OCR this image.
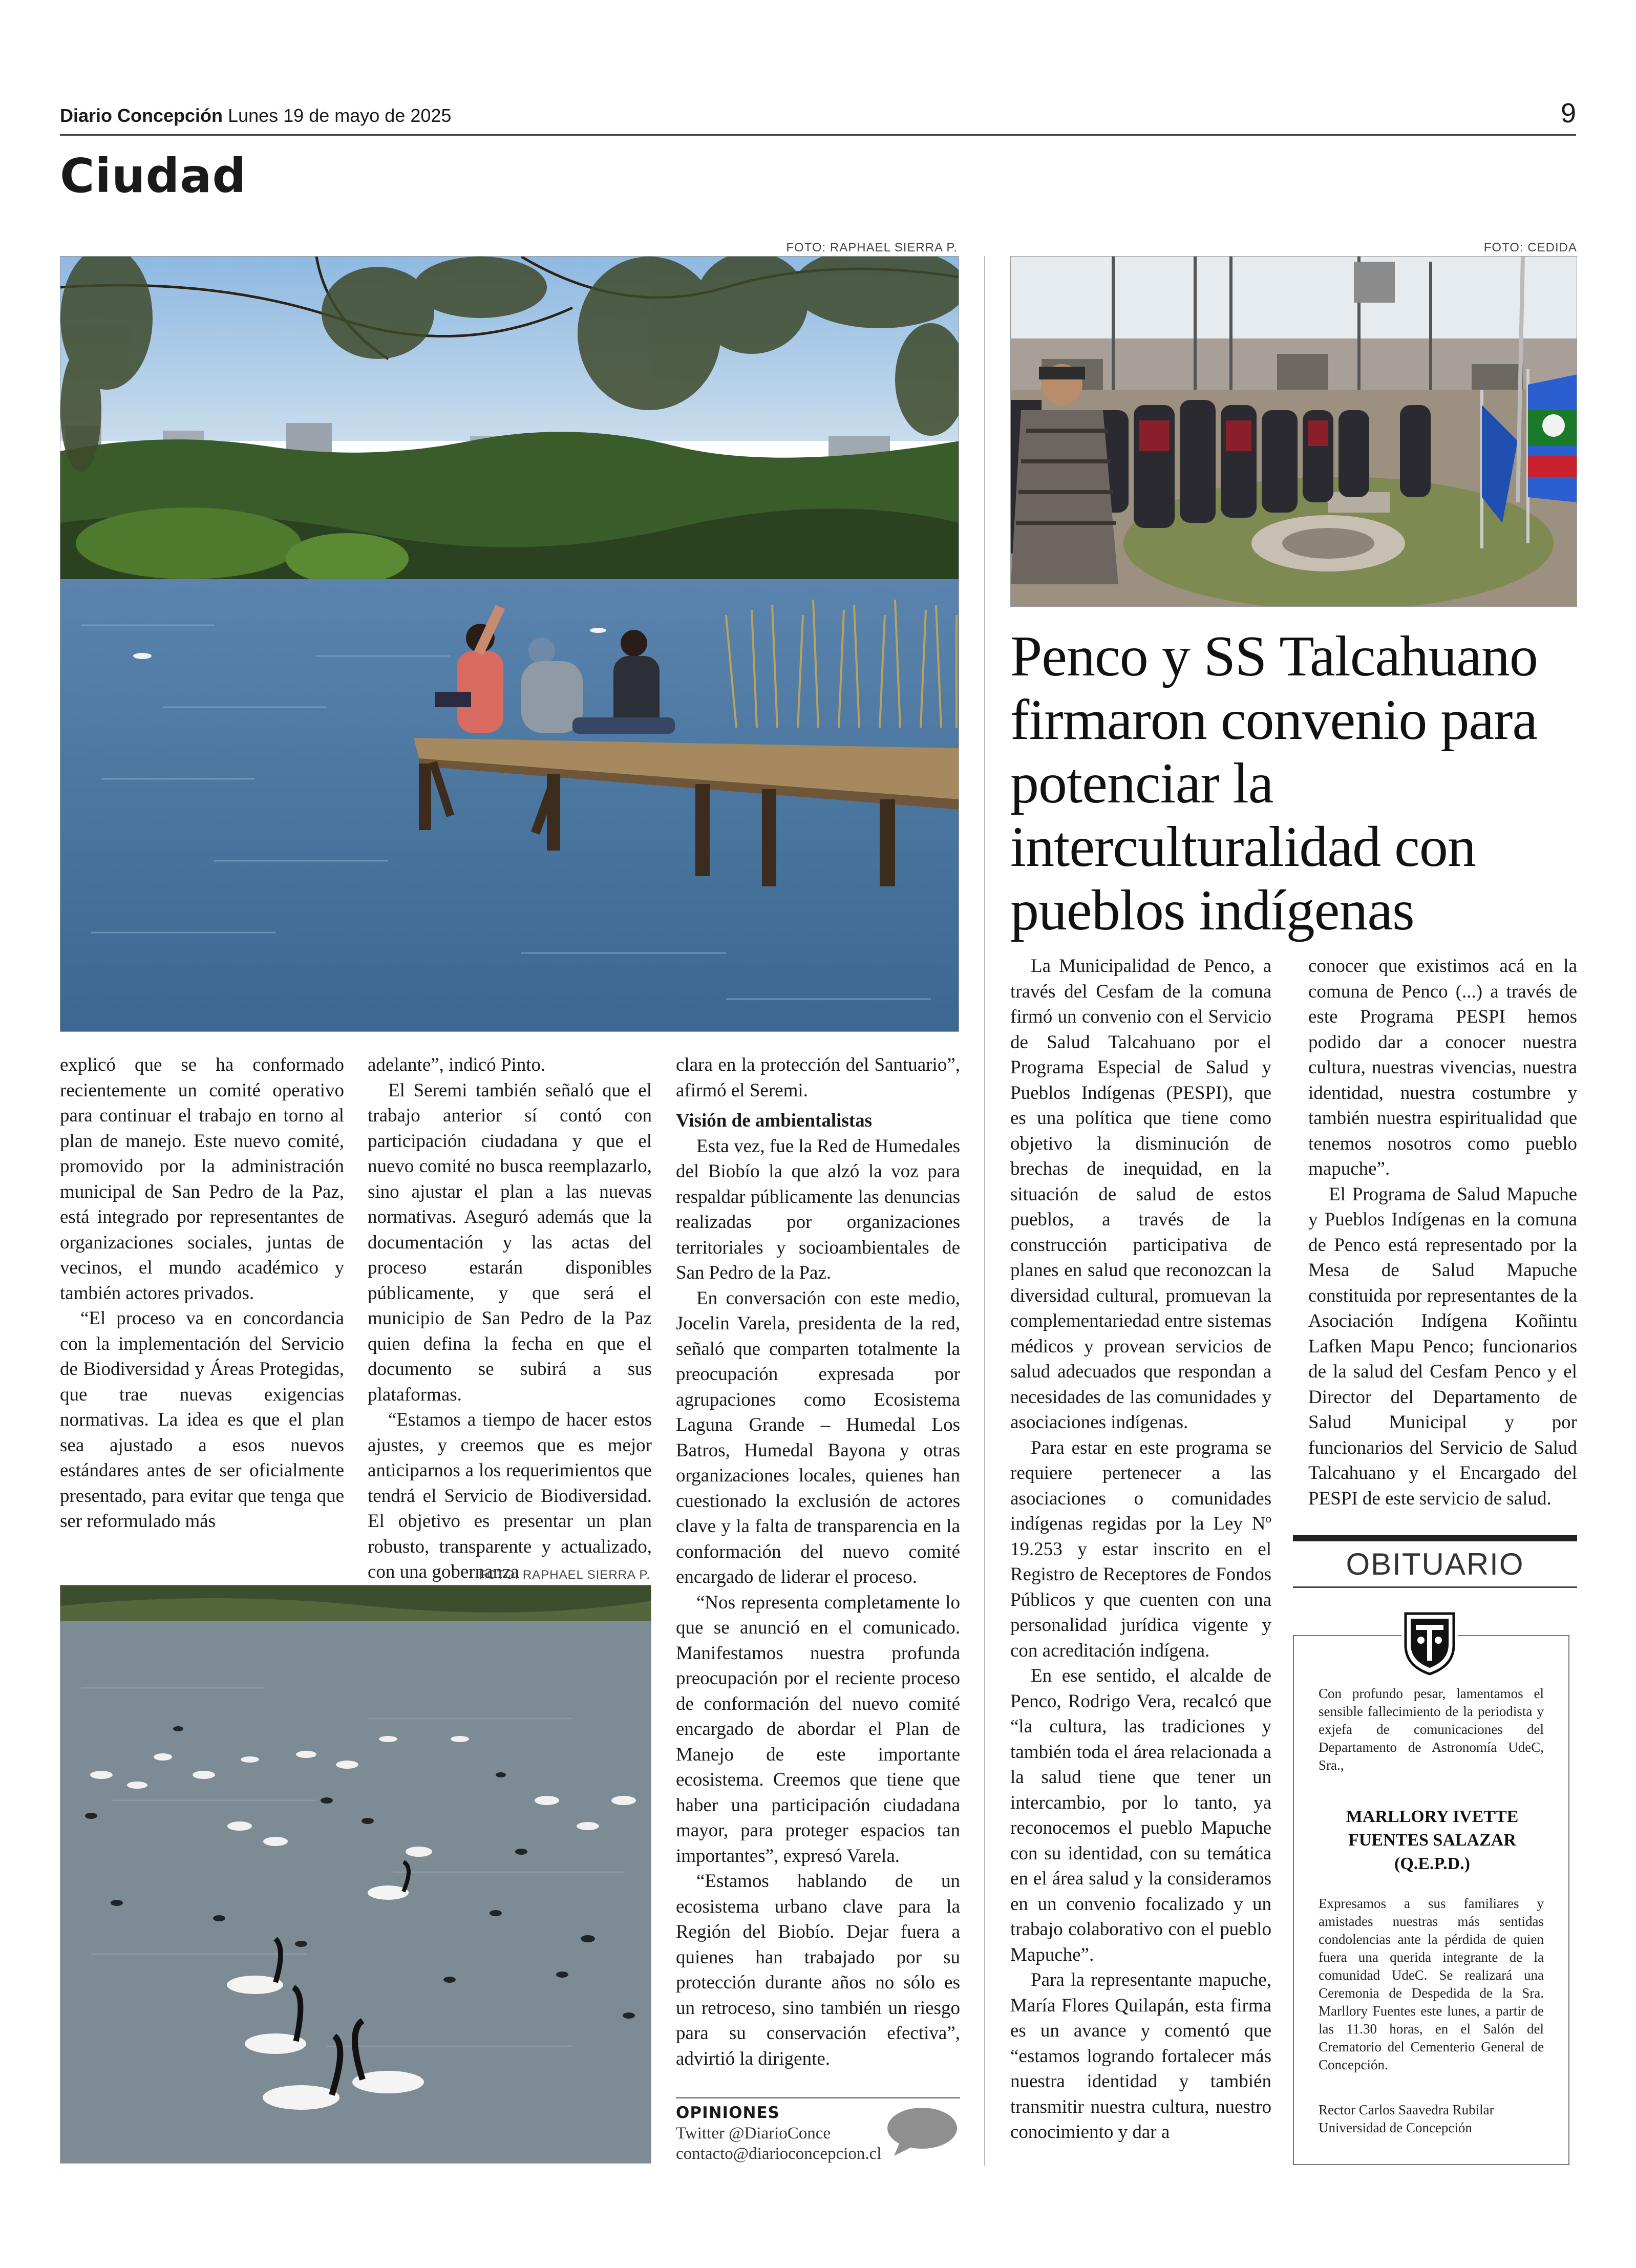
Diario Concepción Lunes 19 de mayo de 2025	9
Ciudad
FOTO: RAPHAEL SIERRA P.

explicó que se ha conformado recientemente un comité operativo para continuar el trabajo en torno al plan de manejo. Este nuevo comité, promovido por la administración municipal de San Pedro de la Paz, está integrado por representantes de organizaciones sociales, juntas de vecinos, el mundo académico y también actores privados.

“El proceso va en concordancia con la implementación del Servicio de Biodiversidad y Áreas Protegidas, que trae nuevas exigencias normativas. La idea es que el plan sea ajustado a esos nuevos estándares antes de ser oficialmente presentado, para evitar que tenga que ser reformulado más

adelante”, indicó Pinto.

El Seremi también señaló que el trabajo anterior sí contó con participación ciudadana y que el nuevo comité no busca reemplazarlo, sino ajustar el plan a las nuevas normativas. Aseguró además que la documentación y las actas del proceso estarán disponibles públicamente, y que será el municipio de San Pedro de la Paz quien defina la fecha en que el documento se subirá a sus plataformas.

“Estamos a tiempo de hacer estos ajustes, y creemos que es mejor anticiparnos a los requerimientos que tendrá el Servicio de Biodiversidad. El objetivo es presentar un plan robusto, transparente y actualizado, con una gobernanza

clara en la protección del Santuario”, afirmó el Seremi.

Visión de ambientalistas

Esta vez, fue la Red de Humedales del Biobío la que alzó la voz para respaldar públicamente las denuncias realizadas por organizaciones territoriales y socioambientales de San Pedro de la Paz.

En conversación con este medio, Jocelin Varela, presidenta de la red, señaló que comparten totalmente la preocupación expresada por agrupaciones como Ecosistema Laguna Grande – Humedal Los Batros, Humedal Bayona y otras organizaciones locales, quienes han cuestionado la exclusión de actores clave y la falta de transparencia en la conformación del nuevo comité encargado de liderar el proceso.

“Nos representa completamente lo que se anunció en el comunicado. Manifestamos nuestra profunda preocupación por el reciente proceso de conformación del nuevo comité encargado de abordar el Plan de Manejo de este importante ecosistema. Creemos que tiene que haber una participación ciudadana mayor, para proteger espacios tan importantes”, expresó Varela.

“Estamos hablando de un ecosistema urbano clave para la Región del Biobío. Dejar fuera a quienes han trabajado por su protección durante años no sólo es un retroceso, sino también un riesgo para su conservación efectiva”, advirtió la dirigente.

FOTO: RAPHAEL SIERRA P.
OPINIONES
Twitter @DiarioConce
contacto@diarioconcepcion.cl
FOTO: CEDIDA
Penco y SS Talcahuano firmaron convenio para potenciar la interculturalidad con pueblos indígenas

La Municipalidad de Penco, a través del Cesfam de la comuna firmó un convenio con el Servicio de Salud Talcahuano por el Programa Especial de Salud y Pueblos Indígenas (PESPI), que es una política que tiene como objetivo la disminución de brechas de inequidad, en la situación de salud de estos pueblos, a través de la construcción participativa de planes en salud que reconozcan la diversidad cultural, promuevan la complementariedad entre sistemas médicos y provean servicios de salud adecuados que respondan a necesidades de las comunidades y asociaciones indígenas.

Para estar en este programa se requiere pertenecer a las asociaciones o comunidades indígenas regidas por la Ley Nº 19.253 y estar inscrito en el Registro de Receptores de Fondos Públicos y que cuenten con una personalidad jurídica vigente y con acreditación indígena.

En ese sentido, el alcalde de Penco, Rodrigo Vera, recalcó que “la cultura, las tradiciones y también toda el área relacionada a la salud tiene que tener un intercambio, por lo tanto, ya reconocemos el pueblo Mapuche con su identidad, con su temática en el área salud y la consideramos en un convenio focalizado y un trabajo colaborativo con el pueblo Mapuche”.

Para la representante mapuche, María Flores Quilapán, esta firma es un avance y comentó que “estamos logrando fortalecer más nuestra identidad y también transmitir nuestra cultura, nuestro conocimiento y dar a

conocer que existimos acá en la comuna de Penco (...) a través de este Programa PESPI hemos podido dar a conocer nuestra cultura, nuestras vivencias, nuestra identidad, nuestra costumbre y también nuestra espiritualidad que tenemos nosotros como pueblo mapuche”.

El Programa de Salud Mapuche y Pueblos Indígenas en la comuna de Penco está representado por la Mesa de Salud Mapuche constituida por representantes de la Asociación Indígena Koñintu Lafken Mapu Penco; funcionarios de la salud del Cesfam Penco y el Director del Departamento de Salud Municipal y por funcionarios del Servicio de Salud Talcahuano y el Encargado del PESPI de este servicio de salud.

OBITUARIO
Con profundo pesar, lamentamos el sensible fallecimiento de la periodista y exjefa de comunicaciones del Departamento de Astronomía UdeC, Sra.,
MARLLORY IVETTE
FUENTES SALAZAR
(Q.E.P.D.)
Expresamos a sus familiares y amistades nuestras más sentidas condolencias ante la pérdida de quien fuera una querida integrante de la comunidad UdeC. Se realizará una Ceremonia de Despedida de la Sra. Marllory Fuentes este lunes, a partir de las 11.30 horas, en el Salón del Crematorio del Cementerio General de Concepción.
Rector Carlos Saavedra Rubilar
Universidad de Concepción
